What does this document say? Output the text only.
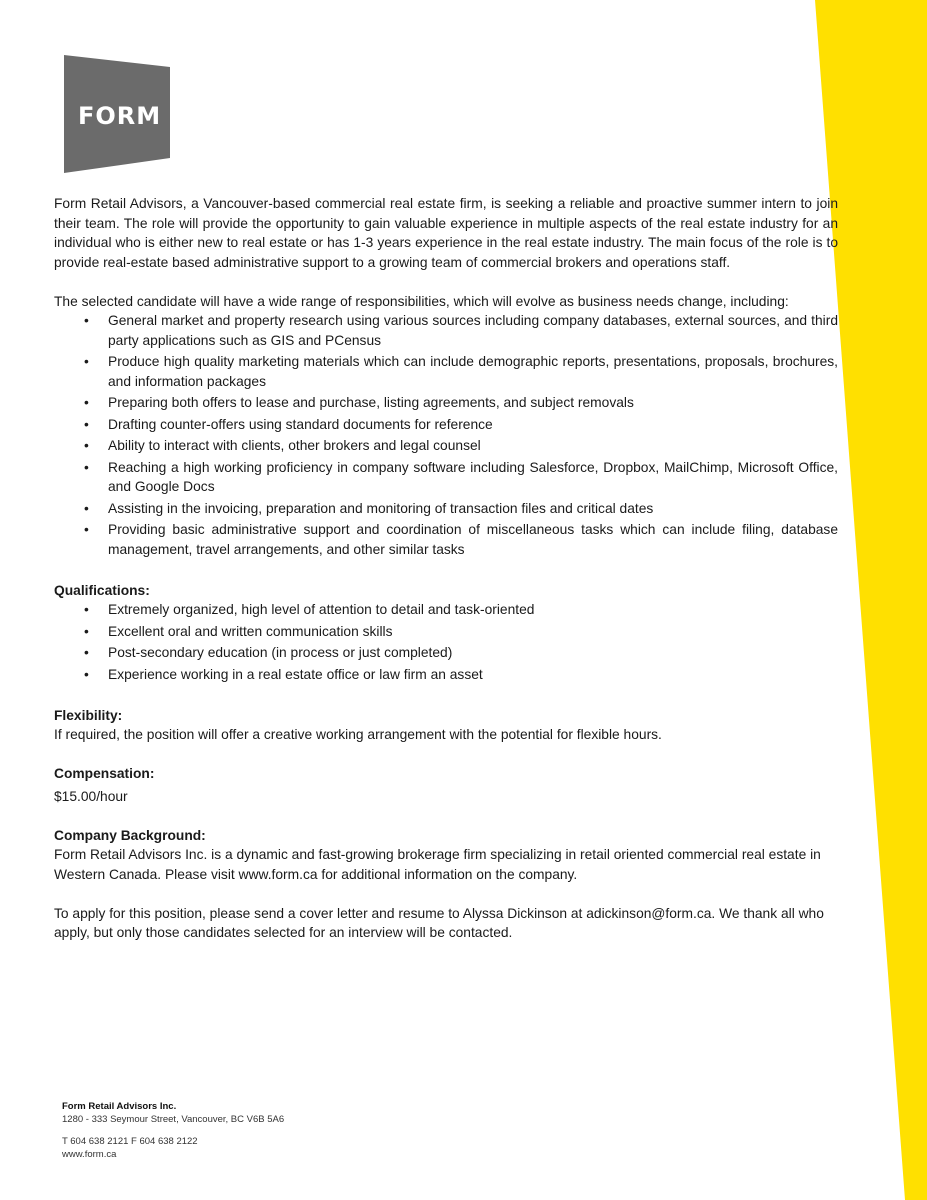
FORM

Form Retail Advisors, a Vancouver-based commercial real estate firm, is seeking a reliable and proactive summer intern to join their team. The role will provide the opportunity to gain valuable experience in multiple aspects of the real estate industry for an individual who is either new to real estate or has 1-3 years experience in the real estate industry. The main focus of the role is to provide real-estate based administrative support to a growing team of commercial brokers and operations staff.

The selected candidate will have a wide range of responsibilities, which will evolve as business needs change, including:

• General market and property research using various sources including company databases, external sources, and third party applications such as GIS and PCensus
• Produce high quality marketing materials which can include demographic reports, presentations, proposals, brochures, and information packages
• Preparing both offers to lease and purchase, listing agreements, and subject removals
• Drafting counter-offers using standard documents for reference
• Ability to interact with clients, other brokers and legal counsel
• Reaching a high working proficiency in company software including Salesforce, Dropbox, MailChimp, Microsoft Office, and Google Docs
• Assisting in the invoicing, preparation and monitoring of transaction files and critical dates
• Providing basic administrative support and coordination of miscellaneous tasks which can include filing, database management, travel arrangements, and other similar tasks

Qualifications:

• Extremely organized, high level of attention to detail and task-oriented
• Excellent oral and written communication skills
• Post-secondary education (in process or just completed)
• Experience working in a real estate office or law firm an asset

Flexibility:

If required, the position will offer a creative working arrangement with the potential for flexible hours.

Compensation:

$15.00/hour

Company Background:

Form Retail Advisors Inc. is a dynamic and fast-growing brokerage firm specializing in retail oriented commercial real estate in Western Canada. Please visit www.form.ca for additional information on the company.

To apply for this position, please send a cover letter and resume to Alyssa Dickinson at adickinson@form.ca. We thank all who apply, but only those candidates selected for an interview will be contacted.

Form Retail Advisors Inc.
1280 - 333 Seymour Street, Vancouver, BC V6B 5A6
T 604 638 2121 F 604 638 2122
www.form.ca
